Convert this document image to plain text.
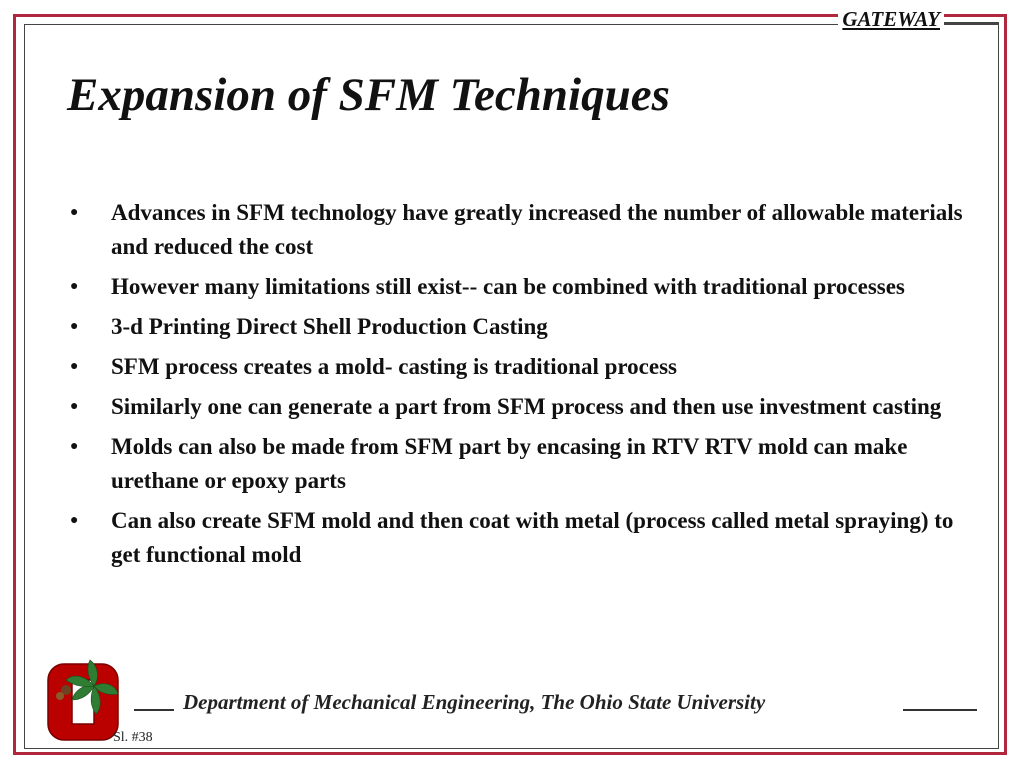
GATEWAY
Expansion of SFM Techniques
● Advances in SFM technology have greatly increased the number of allowable materials and reduced the cost
● However many limitations still exist-- can be combined with traditional processes
● 3-d Printing Direct Shell Production Casting
● SFM process creates a mold- casting is traditional process
● Similarly one can generate a part from SFM process and then use investment casting
● Molds can also be made from SFM part by encasing in RTV RTV mold can make urethane or epoxy parts
● Can also create SFM mold and then coat with metal (process called metal spraying) to get functional mold
Department of Mechanical Engineering, The Ohio State University
Sl. #38
